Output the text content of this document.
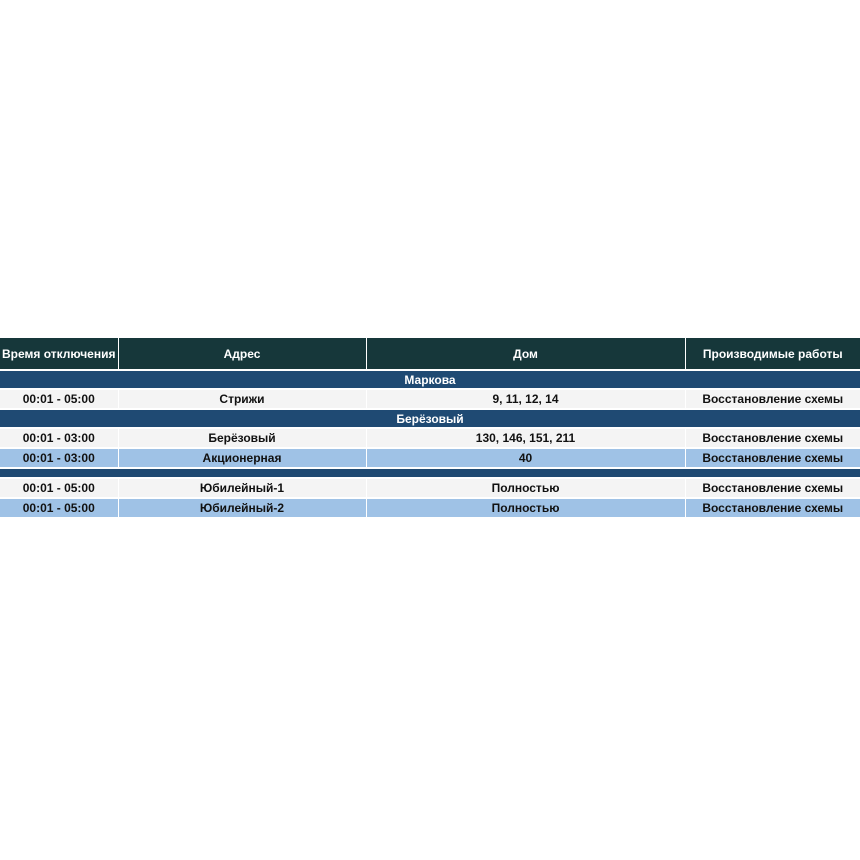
Время отключения	Адрес	Дом	Производимые работы
Маркова			
00:01 - 05:00	Стрижи	9, 11, 12, 14	Восстановление схемы
Берёзовый			
00:01 - 03:00	Берёзовый	130, 146, 151, 211	Восстановление схемы
00:01 - 03:00	Акционерная	40	Восстановление схемы

00:01 - 05:00	Юбилейный-1	Полностью	Восстановление схемы
00:01 - 05:00	Юбилейный-2	Полностью	Восстановление схемы
